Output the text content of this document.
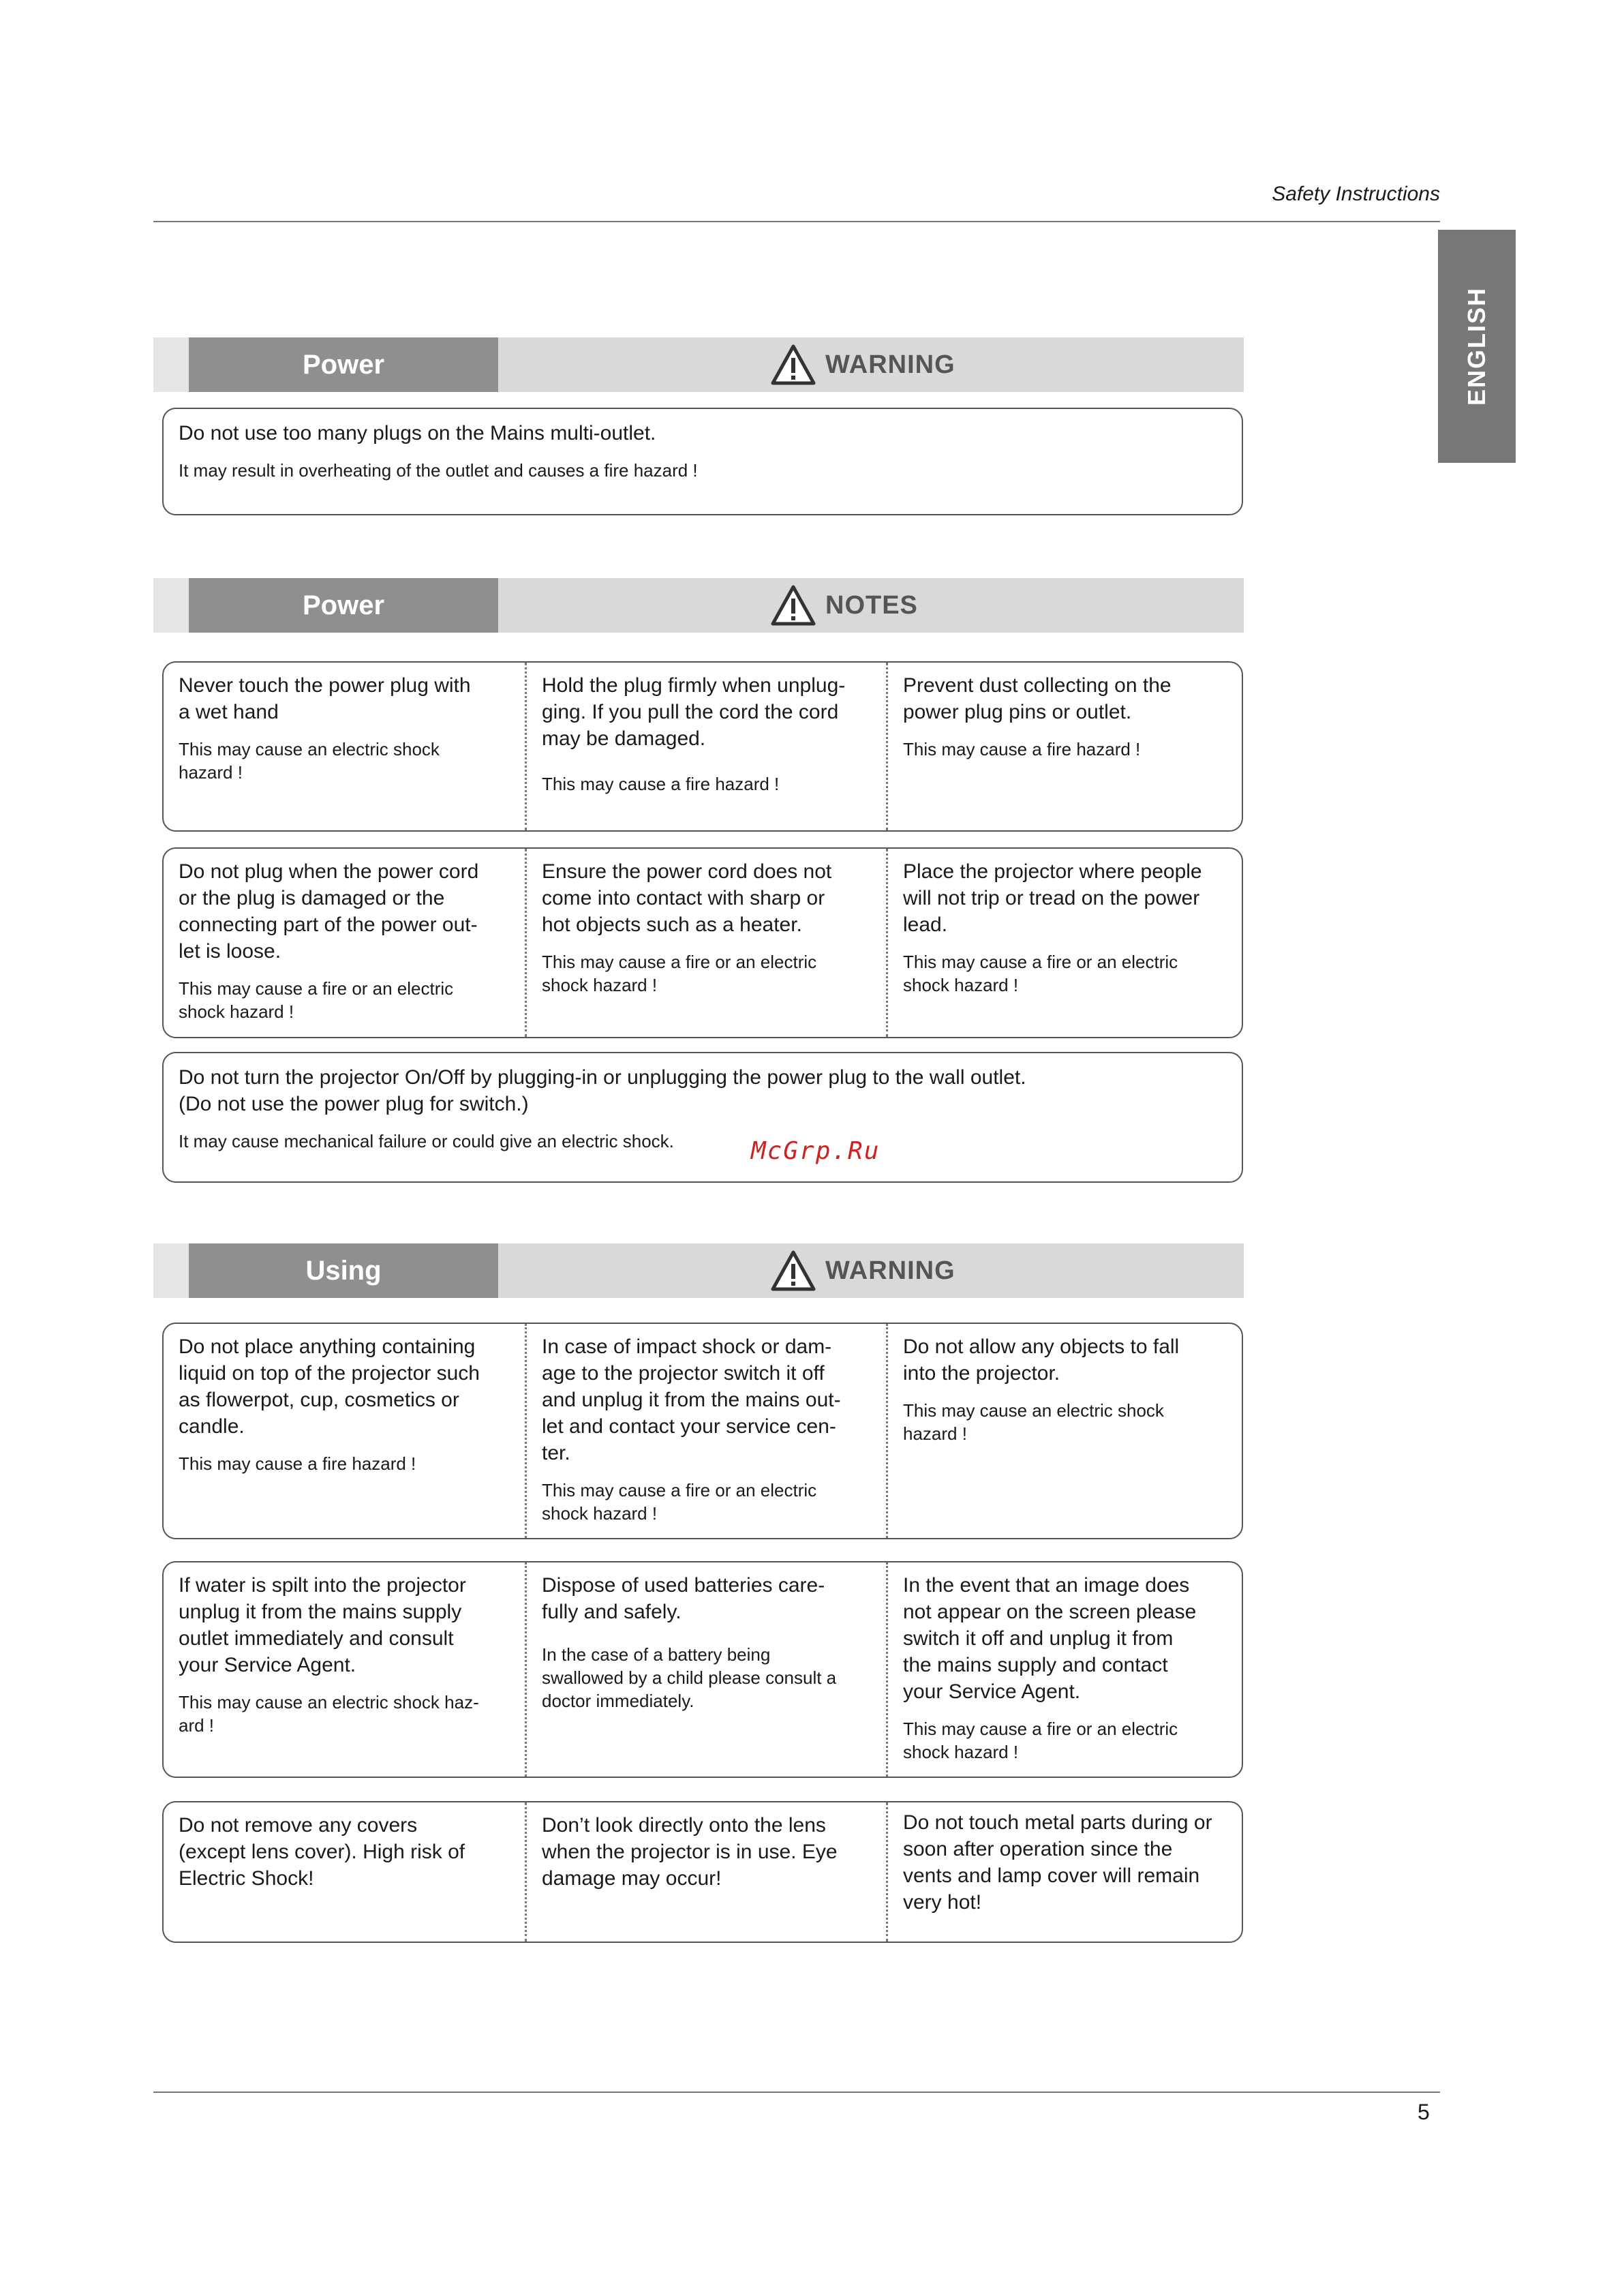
Safety Instructions
ENGLISH
Power	WARNING

Do not use too many plugs on the Mains multi-outlet.

It may result in overheating of the outlet and causes a fire hazard !

Power	NOTES

Never touch the power plug with
a wet hand

This may cause an electric shock
hazard !

Hold the plug firmly when unplug-
ging. If you pull the cord the cord
may be damaged.

This may cause a fire hazard !

Prevent dust collecting on the
power plug pins or outlet.

This may cause a fire hazard !

Do not plug when the power cord
or the plug is damaged or the
connecting part of the power out-
let is loose.

This may cause a fire or an electric
shock hazard !

Ensure the power cord does not
come into contact with sharp or
hot objects such as a heater.

This may cause a fire or an electric
shock hazard !

Place the projector where people
will not trip or tread on the power
lead.

This may cause a fire or an electric
shock hazard !

Do not turn the projector On/Off by plugging-in or unplugging the power plug to the wall outlet.
(Do not use the power plug for switch.)

It may cause mechanical failure or could give an electric shock.	McGrp.Ru
Using	WARNING

Do not place anything containing
liquid on top of the projector such
as flowerpot, cup, cosmetics or
candle.

This may cause a fire hazard !

In case of impact shock or dam-
age to the projector switch it off
and unplug it from the mains out-
let and contact your service cen-
ter.

This may cause a fire or an electric
shock hazard !

Do not allow any objects to fall
into the projector.

This may cause an electric shock
hazard !

If water is spilt into the projector
unplug it from the mains supply
outlet immediately and consult
your Service Agent.

This may cause an electric shock haz-
ard !

Dispose of used batteries care-
fully and safely.

In the case of a battery being
swallowed by a child please consult a
doctor immediately.

In the event that an image does
not appear on the screen please
switch it off and unplug it from
the mains supply and contact
your Service Agent.

This may cause a fire or an electric
shock hazard !

Do not remove any covers
(except lens cover). High risk of
Electric Shock!

Don’t look directly onto the lens
when the projector is in use. Eye
damage may occur!

Do not touch metal parts during or
soon after operation since the
vents and lamp cover will remain
very hot!

5
